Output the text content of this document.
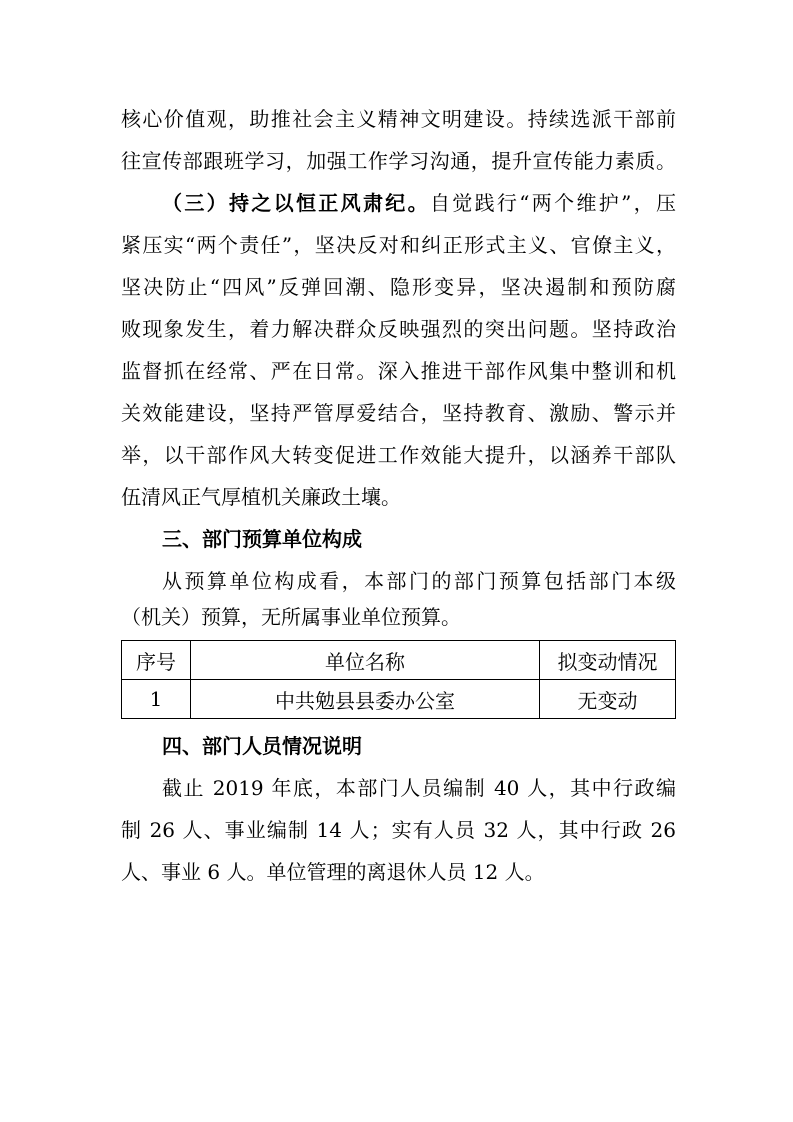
核心价值观，助推社会主义精神文明建设。持续选派干部前
往宣传部跟班学习，加强工作学习沟通，提升宣传能力素质。
（三）持之以恒正风肃纪。自觉践行“两个维护”，压
紧压实“两个责任”，坚决反对和纠正形式主义、官僚主义，
坚决防止“四风”反弹回潮、隐形变异，坚决遏制和预防腐
败现象发生，着力解决群众反映强烈的突出问题。坚持政治
监督抓在经常、严在日常。深入推进干部作风集中整训和机
关效能建设，坚持严管厚爱结合，坚持教育、激励、警示并
举，以干部作风大转变促进工作效能大提升，以涵养干部队
伍清风正气厚植机关廉政土壤。
三、部门预算单位构成
从预算单位构成看，本部门的部门预算包括部门本级
（机关）预算，无所属事业单位预算。
序号	单位名称	拟变动情况
1	中共勉县县委办公室	无变动
四、部门人员情况说明
截止 2019 年底，本部门人员编制 40 人，其中行政编
制 26 人、事业编制 14 人；实有人员 32 人，其中行政 26
人、事业 6 人。单位管理的离退休人员 12 人。
